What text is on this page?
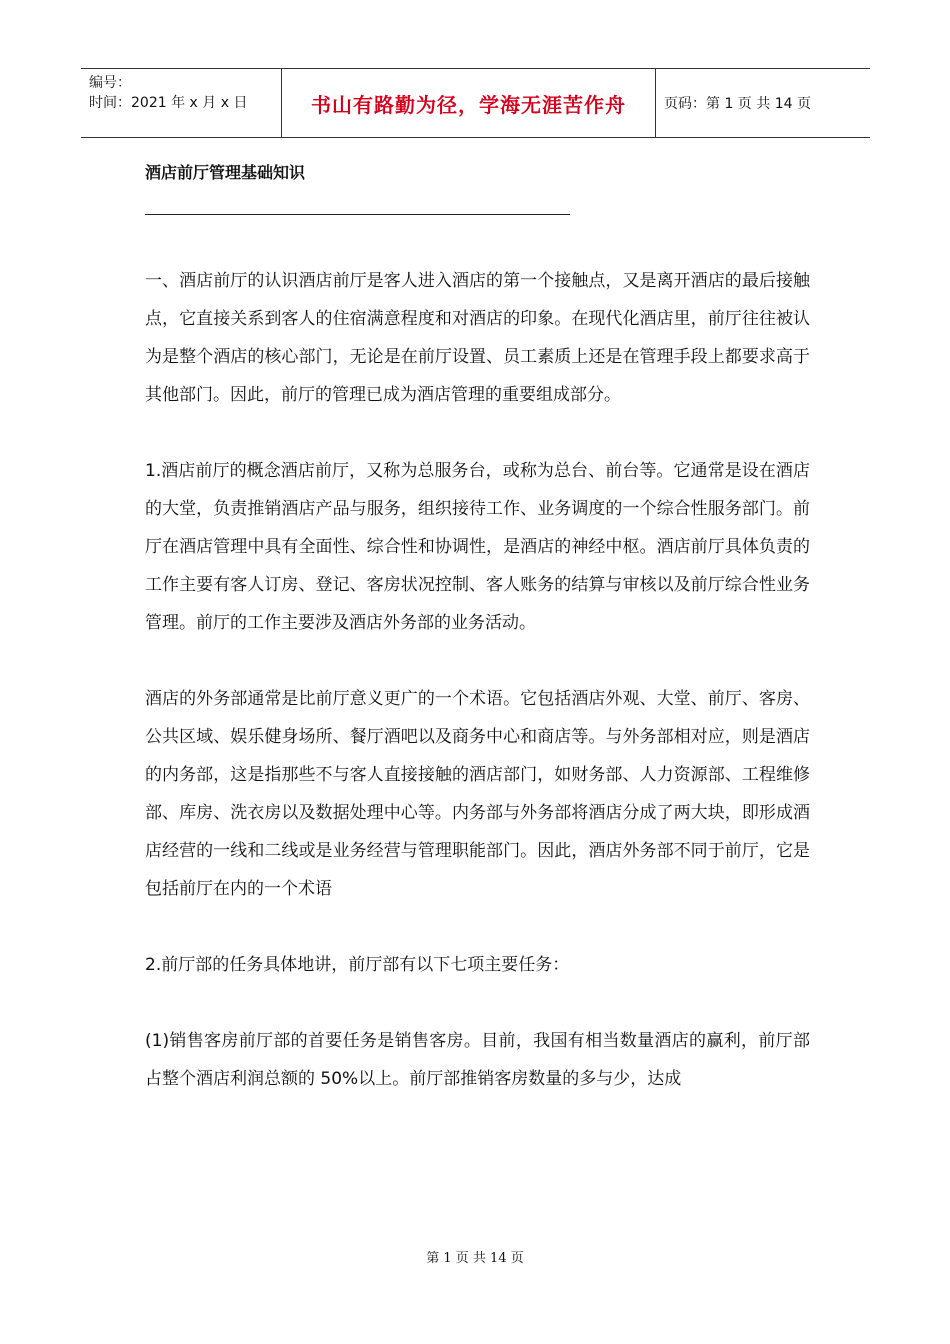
编号：
时间：2021 年 x 月 x 日	书山有路勤为径，学海无涯苦作舟	页码：第 1 页 共 14 页
酒店前厅管理基础知识

一、酒店前厅的认识酒店前厅是客人进入酒店的第一个接触点，又是离开酒店的最后接触点，它直接关系到客人的住宿满意程度和对酒店的印象。在现代化酒店里，前厅往往被认为是整个酒店的核心部门，无论是在前厅设置、员工素质上还是在管理手段上都要求高于其他部门。因此，前厅的管理已成为酒店管理的重要组成部分。

1.酒店前厅的概念酒店前厅，又称为总服务台，或称为总台、前台等。它通常是设在酒店的大堂，负责推销酒店产品与服务，组织接待工作、业务调度的一个综合性服务部门。前厅在酒店管理中具有全面性、综合性和协调性，是酒店的神经中枢。酒店前厅具体负责的工作主要有客人订房、登记、客房状况控制、客人账务的结算与审核以及前厅综合性业务管理。前厅的工作主要涉及酒店外务部的业务活动。

酒店的外务部通常是比前厅意义更广的一个术语。它包括酒店外观、大堂、前厅、客房、公共区域、娱乐健身场所、餐厅酒吧以及商务中心和商店等。与外务部相对应，则是酒店的内务部，这是指那些不与客人直接接触的酒店部门，如财务部、人力资源部、工程维修部、库房、洗衣房以及数据处理中心等。内务部与外务部将酒店分成了两大块，即形成酒店经营的一线和二线或是业务经营与管理职能部门。因此，酒店外务部不同于前厅，它是包括前厅在内的一个术语

2.前厅部的任务具体地讲，前厅部有以下七项主要任务：

(1)销售客房前厅部的首要任务是销售客房。目前，我国有相当数量酒店的赢利，前厅部占整个酒店利润总额的 50%以上。前厅部推销客房数量的多与少，达成

第 1 页 共 14 页
